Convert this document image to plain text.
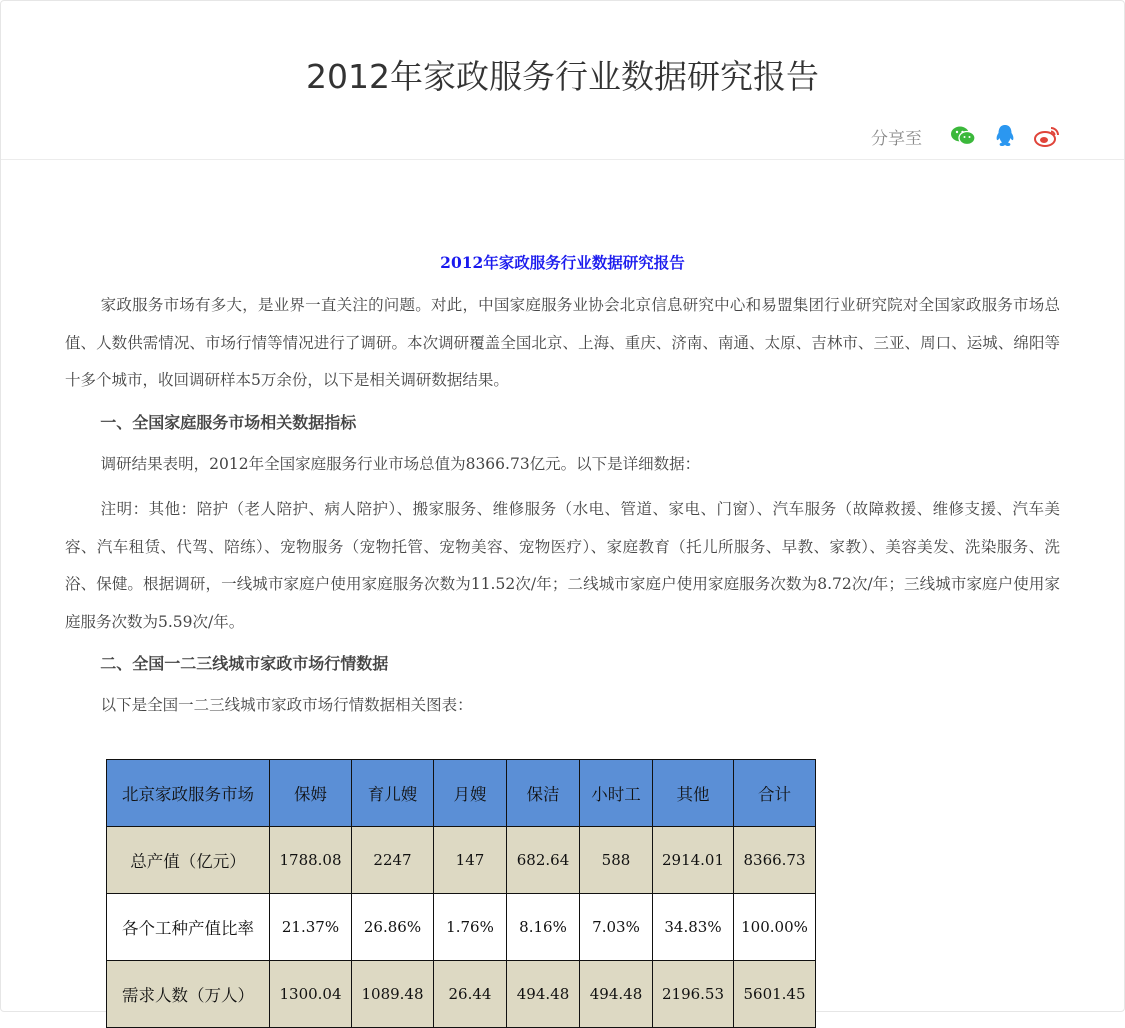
2012年家政服务行业数据研究报告
分享至
2012年家政服务行业数据研究报告

家政服务市场有多大，是业界一直关注的问题。对此，中国家庭服务业协会北京信息研究中心和易盟集团行业研究院对全国家政服务市场总值、人数供需情况、市场行情等情况进行了调研。本次调研覆盖全国北京、上海、重庆、济南、南通、太原、吉林市、三亚、周口、运城、绵阳等十多个城市，收回调研样本5万余份，以下是相关调研数据结果。

一、全国家庭服务市场相关数据指标

调研结果表明，2012年全国家庭服务行业市场总值为8366.73亿元。以下是详细数据：

注明：其他：陪护（老人陪护、病人陪护）、搬家服务、维修服务（水电、管道、家电、门窗）、汽车服务（故障救援、维修支援、汽车美容、汽车租赁、代驾、陪练）、宠物服务（宠物托管、宠物美容、宠物医疗）、家庭教育（托儿所服务、早教、家教）、美容美发、洗染服务、洗浴、保健。根据调研，一线城市家庭户使用家庭服务次数为11.52次/年；二线城市家庭户使用家庭服务次数为8.72次/年；三线城市家庭户使用家庭服务次数为5.59次/年。

二、全国一二三线城市家政市场行情数据

以下是全国一二三线城市家政市场行情数据相关图表：

北京家政服务市场	保姆	育儿嫂	月嫂	保洁	小时工	其他	合计
总产值（亿元）	1788.08	2247	147	682.64	588	2914.01	8366.73
各个工种产值比率	21.37%	26.86%	1.76%	8.16%	7.03%	34.83%	100.00%
需求人数（万人）	1300.04	1089.48	26.44	494.48	494.48	2196.53	5601.45
